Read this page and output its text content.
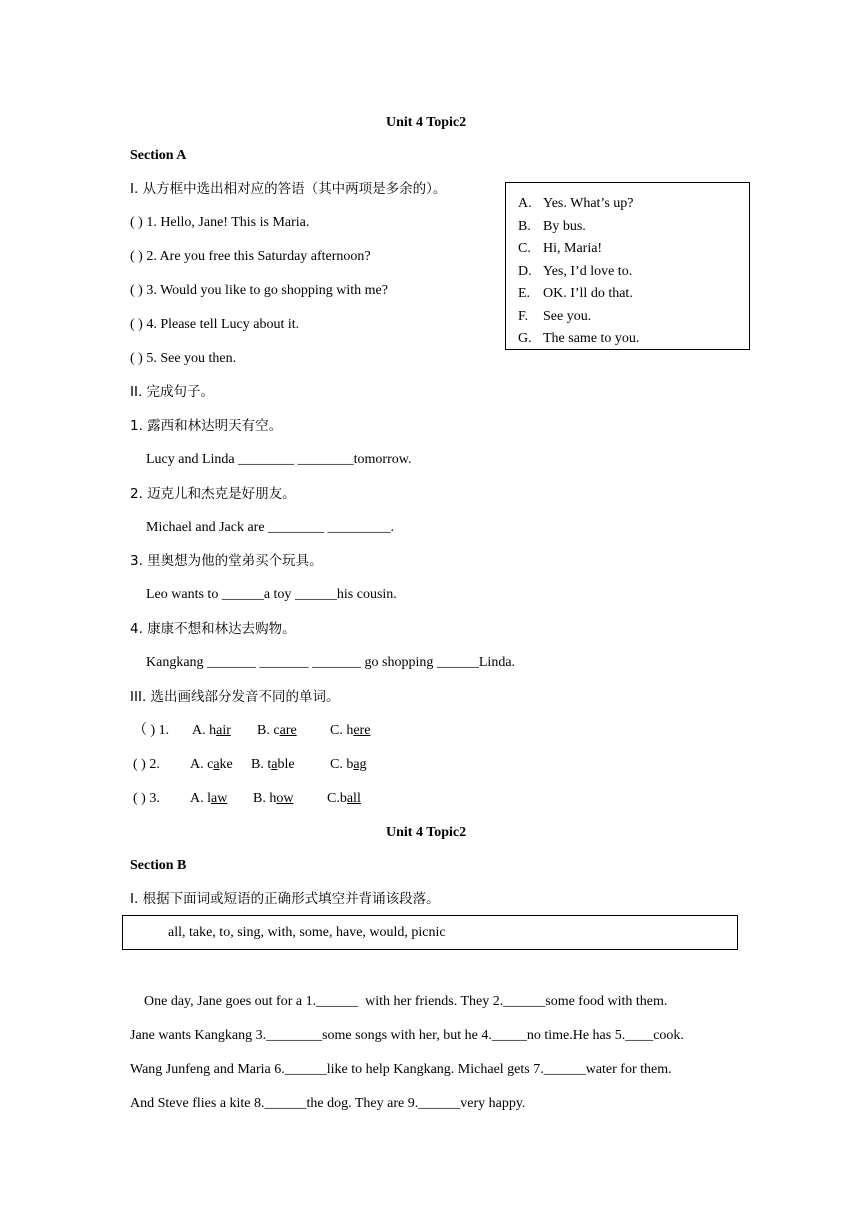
Unit 4 Topic2
Section A
I. 从方框中选出相对应的答语（其中两项是多余的）。
( ) 1. Hello, Jane! This is Maria.
( ) 2. Are you free this Saturday afternoon?
( ) 3. Would you like to go shopping with me?
( ) 4. Please tell Lucy about it.
( ) 5. See you then.
A. Yes. What’s up?
B. By bus.
C. Hi, Maria!
D. Yes, I’d love to.
E. OK. I’ll do that.
F. See you.
G. The same to you.
II. 完成句子。
1. 露西和林达明天有空。
Lucy and Linda ________ ________tomorrow.
2. 迈克儿和杰克是好朋友。
Michael and Jack are ________ _________.
3. 里奥想为他的堂弟买个玩具。
Leo wants to ______a toy ______his cousin.
4. 康康不想和林达去购物。
Kangkang _______ _______ _______ go shopping ______Linda.
III. 选出画线部分发音不同的单词。
（ ) 1. A. hair B. care C. here
( ) 2. A. cake B. table	C. bag
( ) 3. A. law B. how C.ball
Unit 4 Topic2
Section B
I. 根据下面词或短语的正确形式填空并背诵该段落。
all, take, to, sing, with, some, have, would, picnic
One day, Jane goes out for a 1.______  with her friends. They 2.______some food with them.
Jane wants Kangkang 3.________some songs with her, but he 4._____no time.He has 5.____cook.
Wang Junfeng and Maria 6.______like to help Kangkang. Michael gets 7.______water for them.
And Steve flies a kite 8.______the dog. They are 9.______very happy.
